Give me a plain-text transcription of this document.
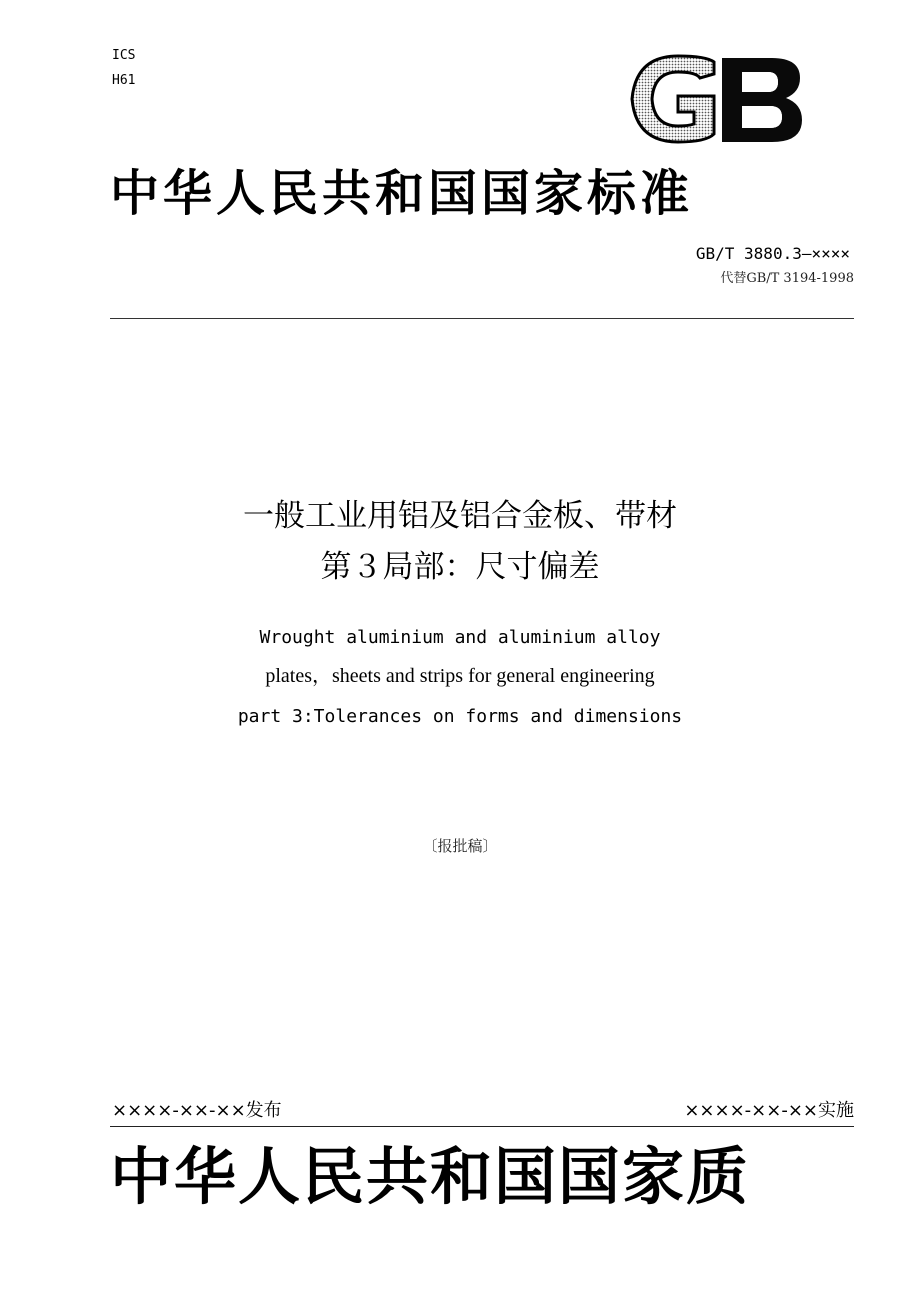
ICS
H61
中华人民共和国国家标准
GB/T 3880.3—××××
代替GB/T 3194-1998
一般工业用铝及铝合金板、带材
第３局部：尺寸偏差
Wrought aluminium and aluminium alloy
plates，sheets and strips for general engineering
part 3:Tolerances on forms and dimensions
〔报批稿〕
××××-××-××发布	××××-××-××实施
中华人民共和国国家质
